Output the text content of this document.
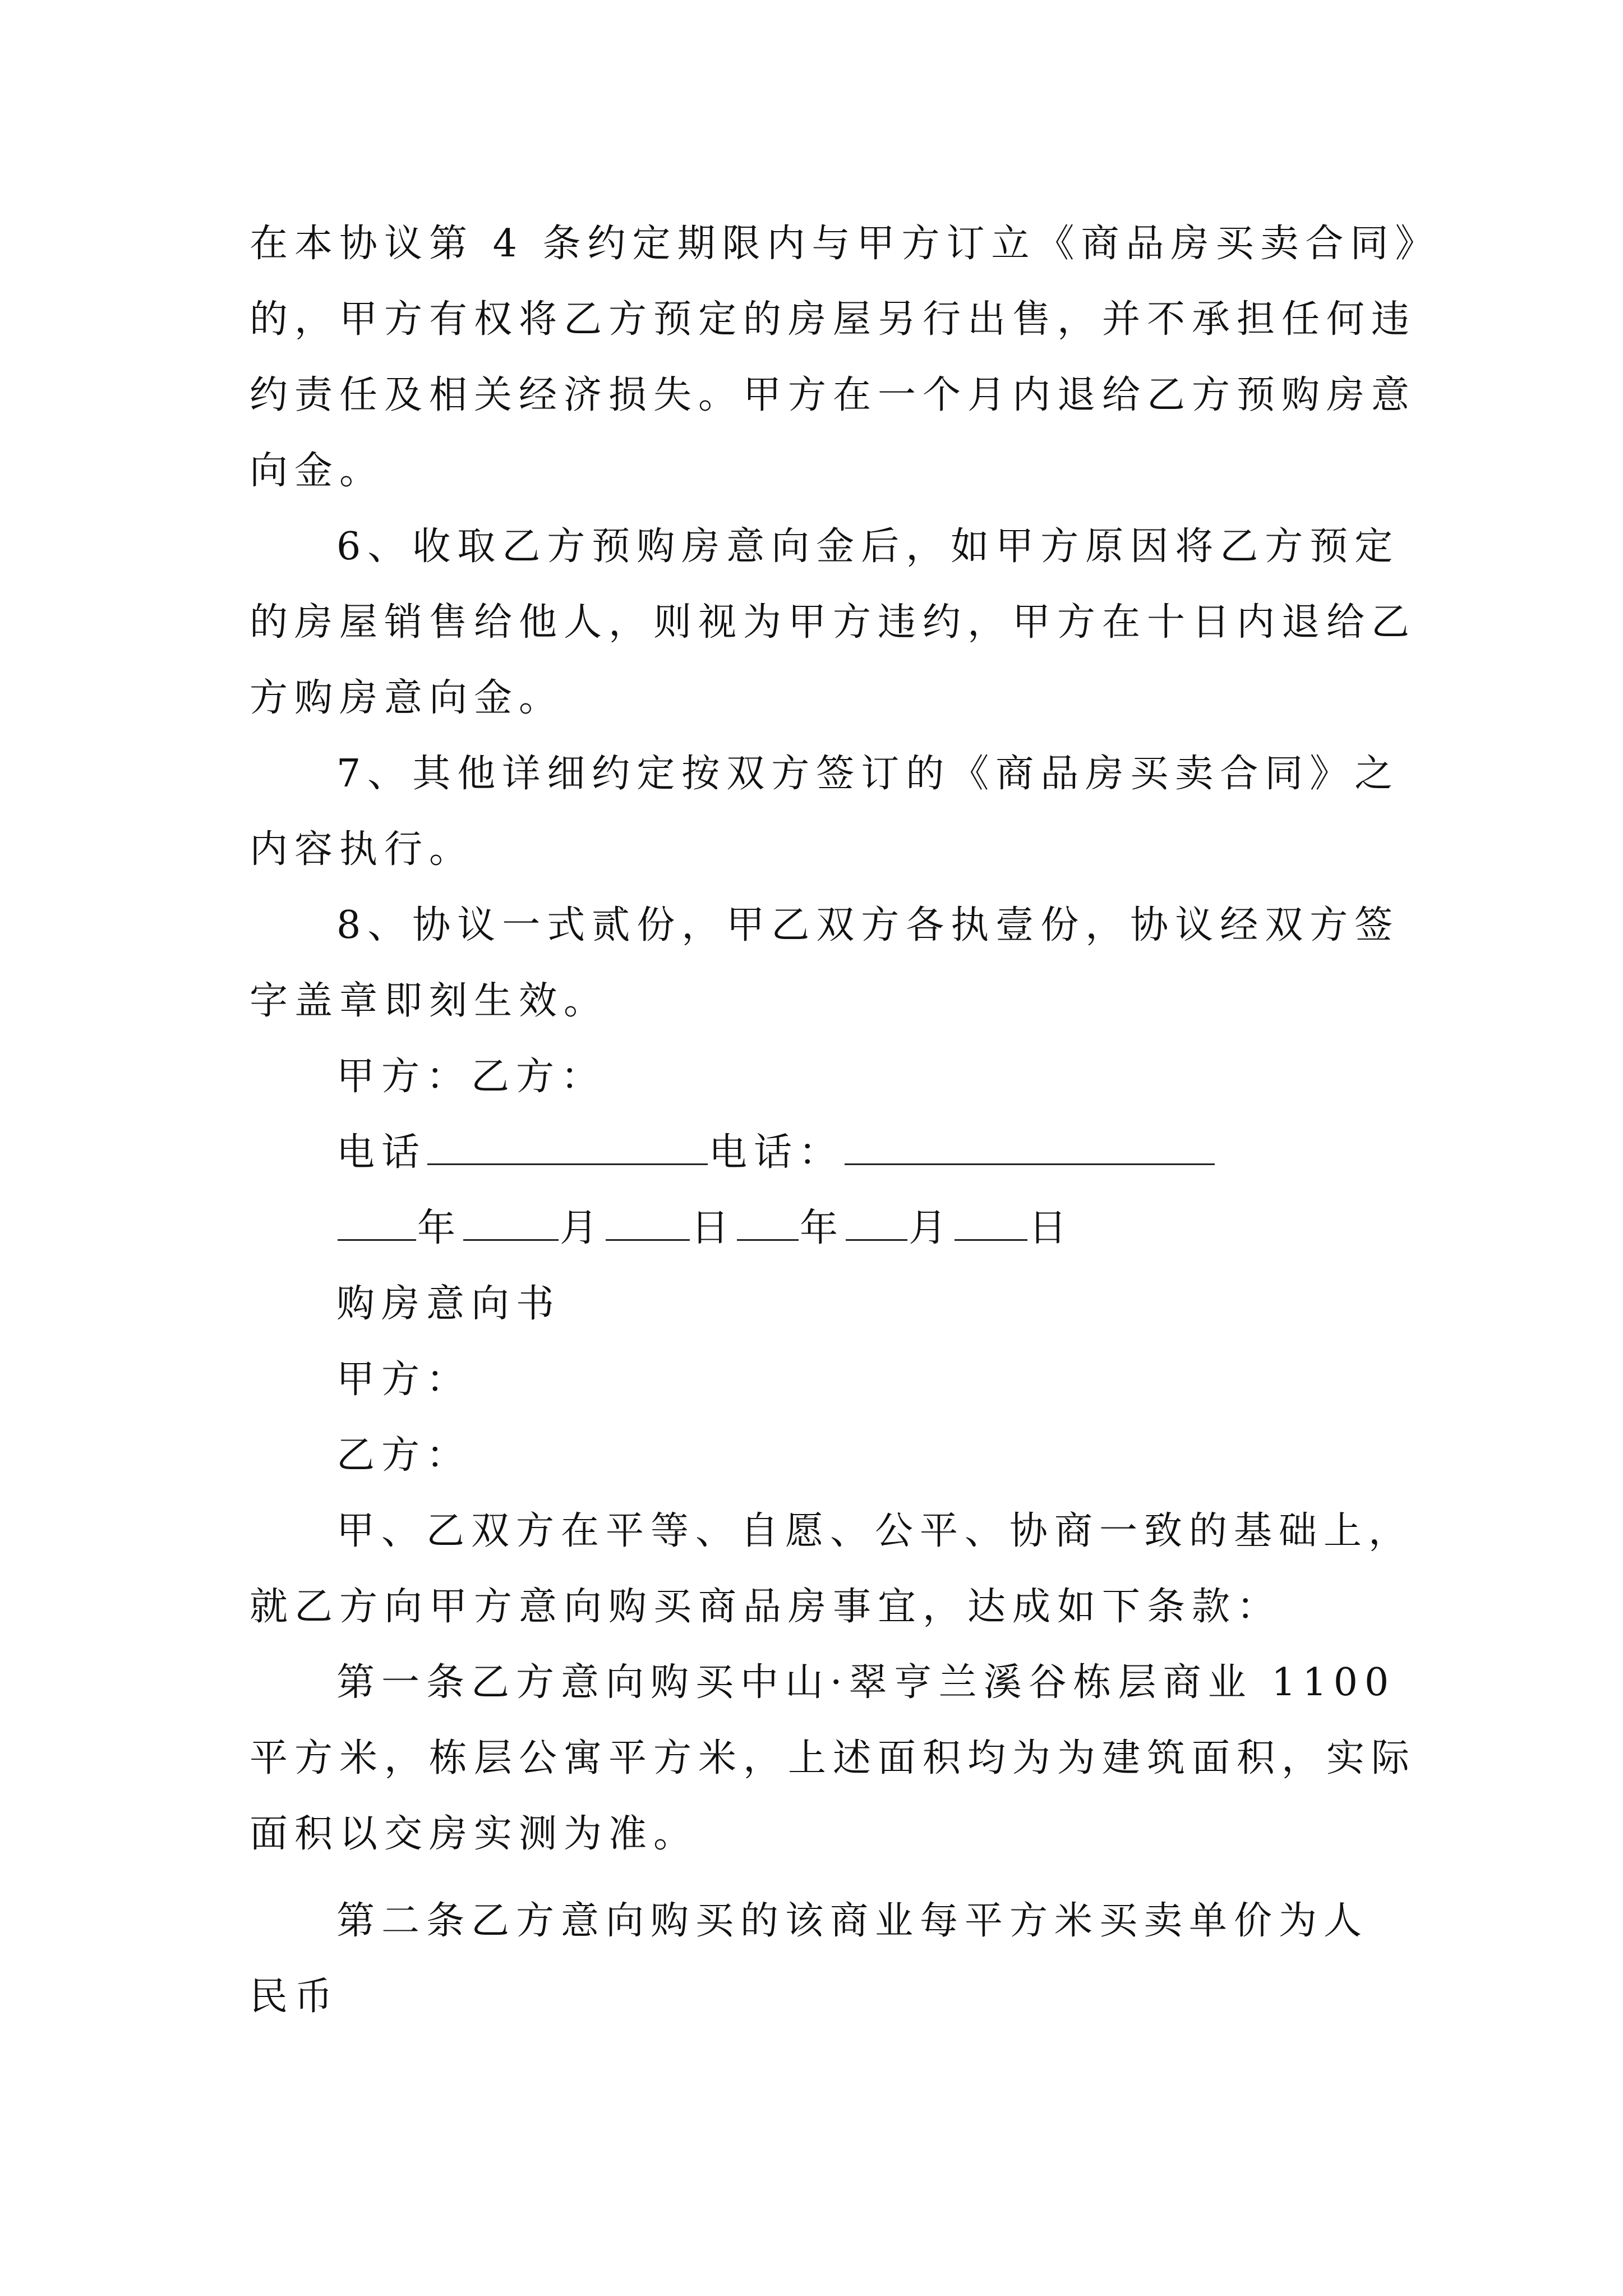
在本协议第 4 条约定期限内与甲方订立《商品房买卖合同》
的，甲方有权将乙方预定的房屋另行出售，并不承担任何违
约责任及相关经济损失。甲方在一个月内退给乙方预购房意
向金。
6、收取乙方预购房意向金后，如甲方原因将乙方预定
的房屋销售给他人，则视为甲方违约，甲方在十日内退给乙
方购房意向金。
7、其他详细约定按双方签订的《商品房买卖合同》之
内容执行。
8、协议一式贰份，甲乙双方各执壹份，协议经双方签
字盖章即刻生效。
甲方：乙方：
电话	电话：
年	月 日 年 月 日
购房意向书
甲方：
乙方：
甲、乙双方在平等、自愿、公平、协商一致的基础上，
就乙方向甲方意向购买商品房事宜，达成如下条款：
第一条乙方意向购买中山·翠亨兰溪谷栋层商业 1100
平方米，栋层公寓平方米，上述面积均为为建筑面积，实际
面积以交房实测为准。
第二条乙方意向购买的该商业每平方米买卖单价为人
民币
